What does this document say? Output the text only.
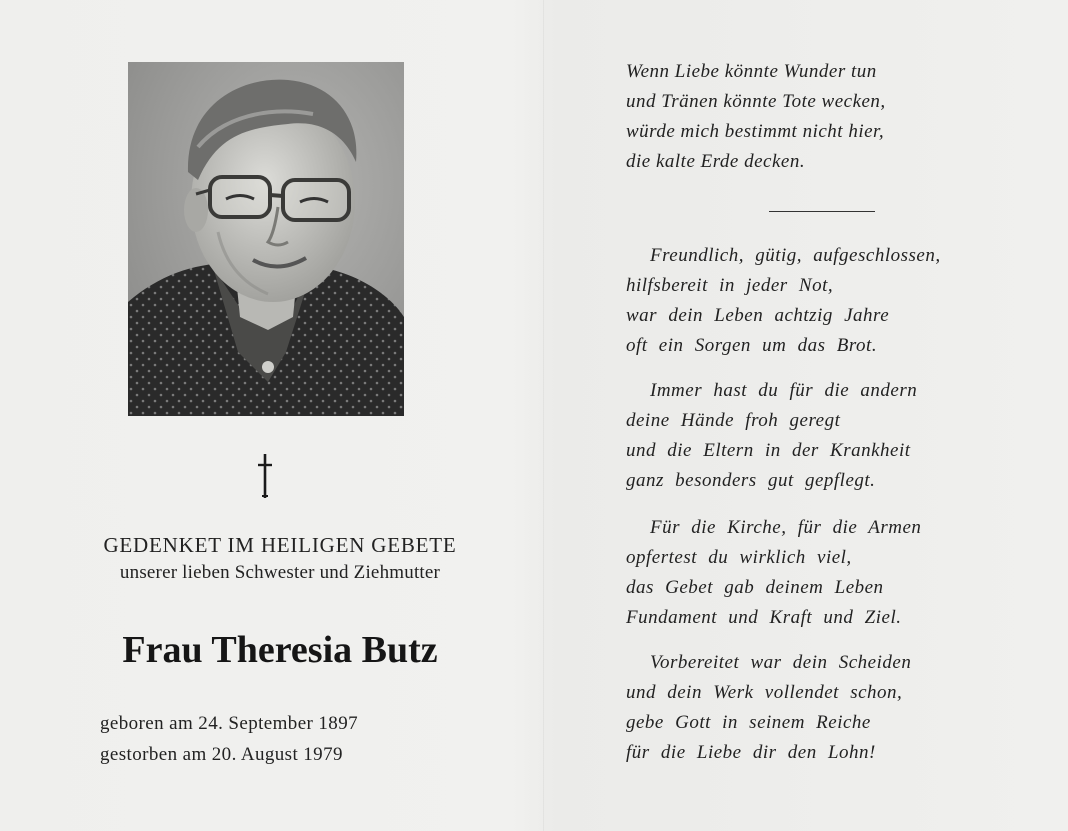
GEDENKET IM HEILIGEN GEBETE
unserer lieben Schwester und Ziehmutter
Frau Theresia Butz
geboren am 24. September 1897
gestorben am 20. August 1979
Wenn Liebe könnte Wunder tun
und Tränen könnte Tote wecken,
würde mich bestimmt nicht hier,
die kalte Erde decken.
Freundlich, gütig, aufgeschlossen,
hilfsbereit in jeder Not,
war dein Leben achtzig Jahre
oft ein Sorgen um das Brot.
Immer hast du für die andern
deine Hände froh geregt
und die Eltern in der Krankheit
ganz besonders gut gepflegt.
Für die Kirche, für die Armen
opfertest du wirklich viel,
das Gebet gab deinem Leben
Fundament und Kraft und Ziel.
Vorbereitet war dein Scheiden
und dein Werk vollendet schon,
gebe Gott in seinem Reiche
für die Liebe dir den Lohn!
